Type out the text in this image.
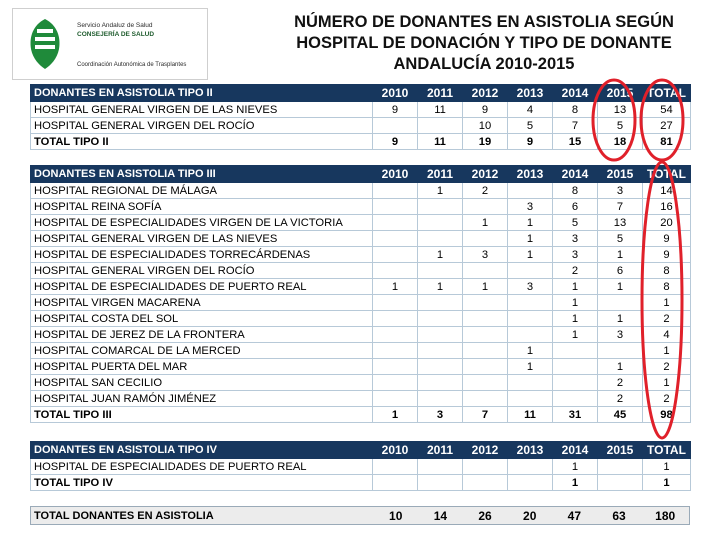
Servicio Andaluz de Salud
CONSEJERÍA DE SALUD
Coordinación Autonómica de Trasplantes
NÚMERO DE DONANTES EN ASISTOLIA SEGÚN
HOSPITAL DE DONACIÓN Y TIPO DE DONANTE
ANDALUCÍA 2010-2015
DONANTES EN ASISTOLIA TIPO II	2010	2011	2012	2013	2014	2015	TOTAL
HOSPITAL GENERAL VIRGEN DE LAS NIEVES	9	11	9	4	8	13	54
HOSPITAL GENERAL VIRGEN DEL ROCÍO			10	5	7	5	27
TOTAL TIPO II	9	11	19	9	15	18	81
DONANTES EN ASISTOLIA TIPO III	2010	2011	2012	2013	2014	2015	TOTAL
HOSPITAL REGIONAL DE MÁLAGA		1	2		8	3	14
HOSPITAL REINA SOFÍA				3	6	7	16
HOSPITAL DE ESPECIALIDADES VIRGEN DE LA VICTORIA			1	1	5	13	20
HOSPITAL GENERAL VIRGEN DE LAS NIEVES				1	3	5	9
HOSPITAL DE ESPECIALIDADES TORRECÁRDENAS		1	3	1	3	1	9
HOSPITAL GENERAL VIRGEN DEL ROCÍO					2	6	8
HOSPITAL DE ESPECIALIDADES DE PUERTO REAL	1	1	1	3	1	1	8
HOSPITAL VIRGEN MACARENA					1		1
HOSPITAL COSTA DEL SOL					1	1	2
HOSPITAL DE JEREZ DE LA FRONTERA					1	3	4
HOSPITAL COMARCAL DE LA MERCED				1			1
HOSPITAL PUERTA DEL MAR				1		1	2
HOSPITAL SAN CECILIO						2	1
HOSPITAL JUAN RAMÓN JIMÉNEZ						2	2
TOTAL TIPO III	1	3	7	11	31	45	98
DONANTES EN ASISTOLIA TIPO IV	2010	2011	2012	2013	2014	2015	TOTAL
HOSPITAL DE ESPECIALIDADES DE PUERTO REAL					1		1
TOTAL TIPO IV					1		1
TOTAL DONANTES EN ASISTOLIA	10	14	26	20	47	63	180
